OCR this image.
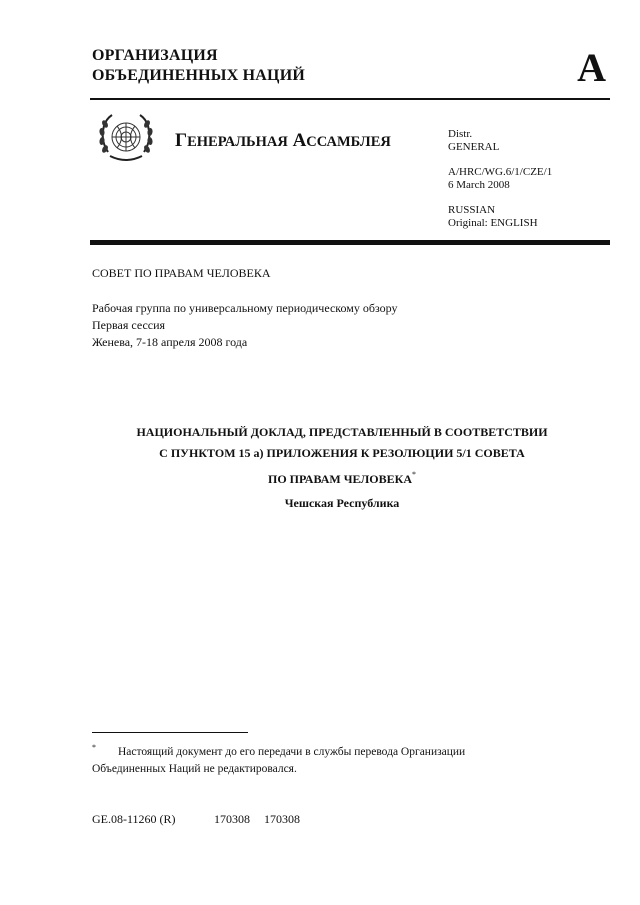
ОРГАНИЗАЦИЯ
ОБЪЕДИНЕННЫХ НАЦИЙ	A
ГЕНЕРАЛЬНАЯ АССАМБЛЕЯ	Distr.
GENERAL
A/HRC/WG.6/1/CZE/1
6 March 2008
RUSSIAN
Original: ENGLISH
СОВЕТ ПО ПРАВАМ ЧЕЛОВЕКА
Рабочая группа по универсальному периодическому обзору
Первая сессия
Женева, 7-18 апреля 2008 года
НАЦИОНАЛЬНЫЙ ДОКЛАД, ПРЕДСТАВЛЕННЫЙ В СООТВЕТСТВИИ
С ПУНКТОМ 15 а) ПРИЛОЖЕНИЯ К РЕЗОЛЮЦИИ 5/1 СОВЕТА
ПО ПРАВАМ ЧЕЛОВЕКА*
Чешская Республика
* Настоящий документ до его передачи в службы перевода Организации Объединенных Наций не редактировался.
GE.08-11260 (R)	170308 170308
